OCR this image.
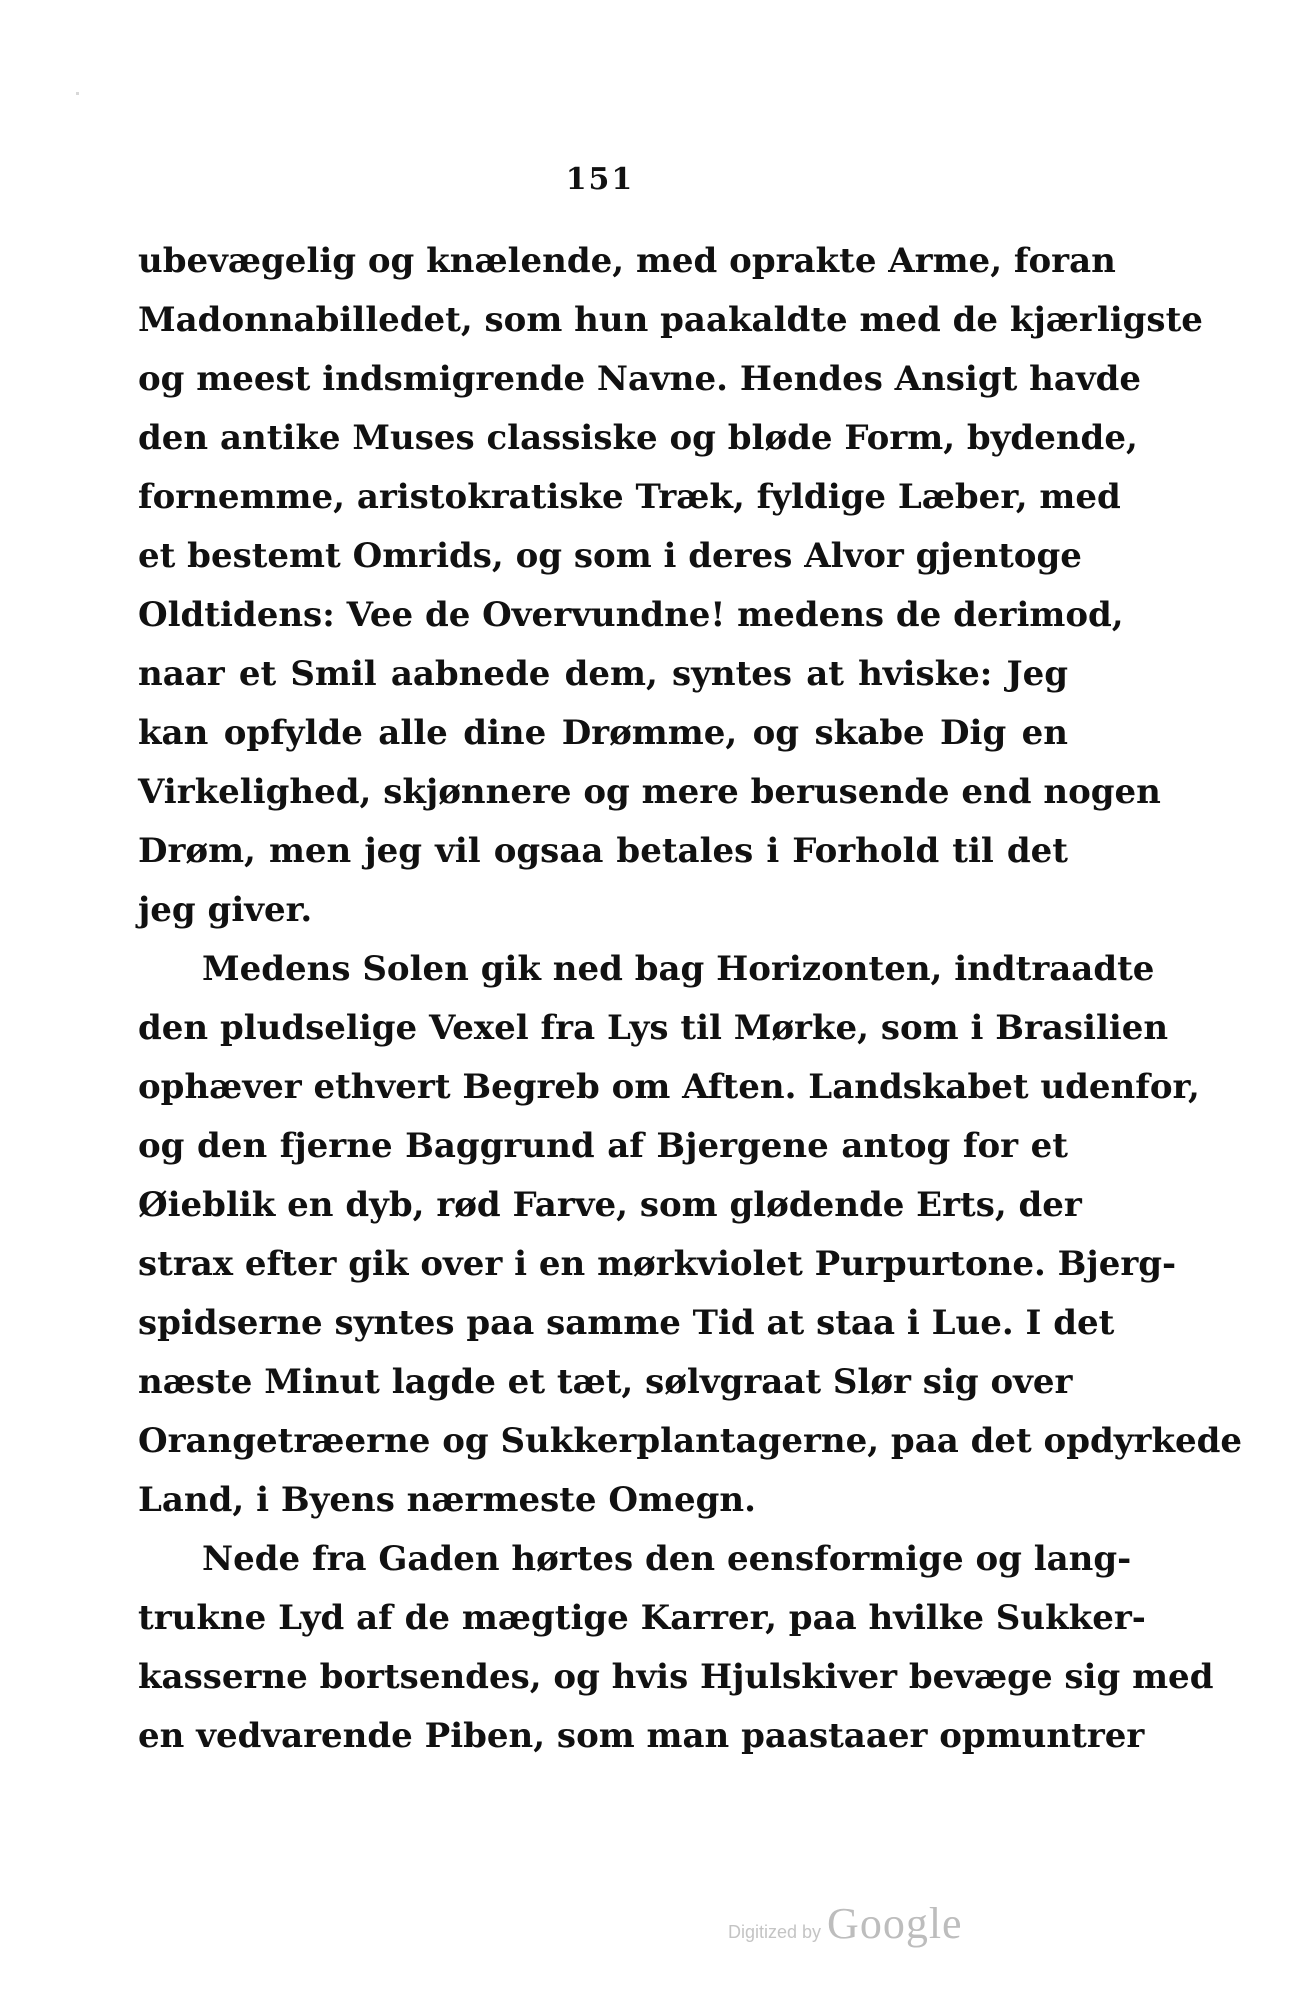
151
ubevægelig og knælende, med oprakte Arme, foran
Madonnabilledet, som hun paakaldte med de kjærligste
og meest indsmigrende Navne. Hendes Ansigt havde
den antike Muses classiske og bløde Form, bydende,
fornemme, aristokratiske Træk, fyldige Læber, med
et bestemt Omrids, og som i deres Alvor gjentoge
Oldtidens: Vee de Overvundne! medens de derimod,
naar et Smil aabnede dem, syntes at hviske: Jeg
kan opfylde alle dine Drømme, og skabe Dig en
Virkelighed, skjønnere og mere berusende end nogen
Drøm, men jeg vil ogsaa betales i Forhold til det
jeg giver.
Medens Solen gik ned bag Horizonten, indtraadte
den pludselige Vexel fra Lys til Mørke, som i Brasilien
ophæver ethvert Begreb om Aften. Landskabet udenfor,
og den fjerne Baggrund af Bjergene antog for et
Øieblik en dyb, rød Farve, som glødende Erts, der
strax efter gik over i en mørkviolet Purpurtone. Bjerg-
spidserne syntes paa samme Tid at staa i Lue. I det
næste Minut lagde et tæt, sølvgraat Slør sig over
Orangetræerne og Sukkerplantagerne, paa det opdyrkede
Land, i Byens nærmeste Omegn.
Nede fra Gaden hørtes den eensformige og lang-
trukne Lyd af de mægtige Karrer, paa hvilke Sukker-
kasserne bortsendes, og hvis Hjulskiver bevæge sig med
en vedvarende Piben, som man paastaaer opmuntrer
Digitized by Google
